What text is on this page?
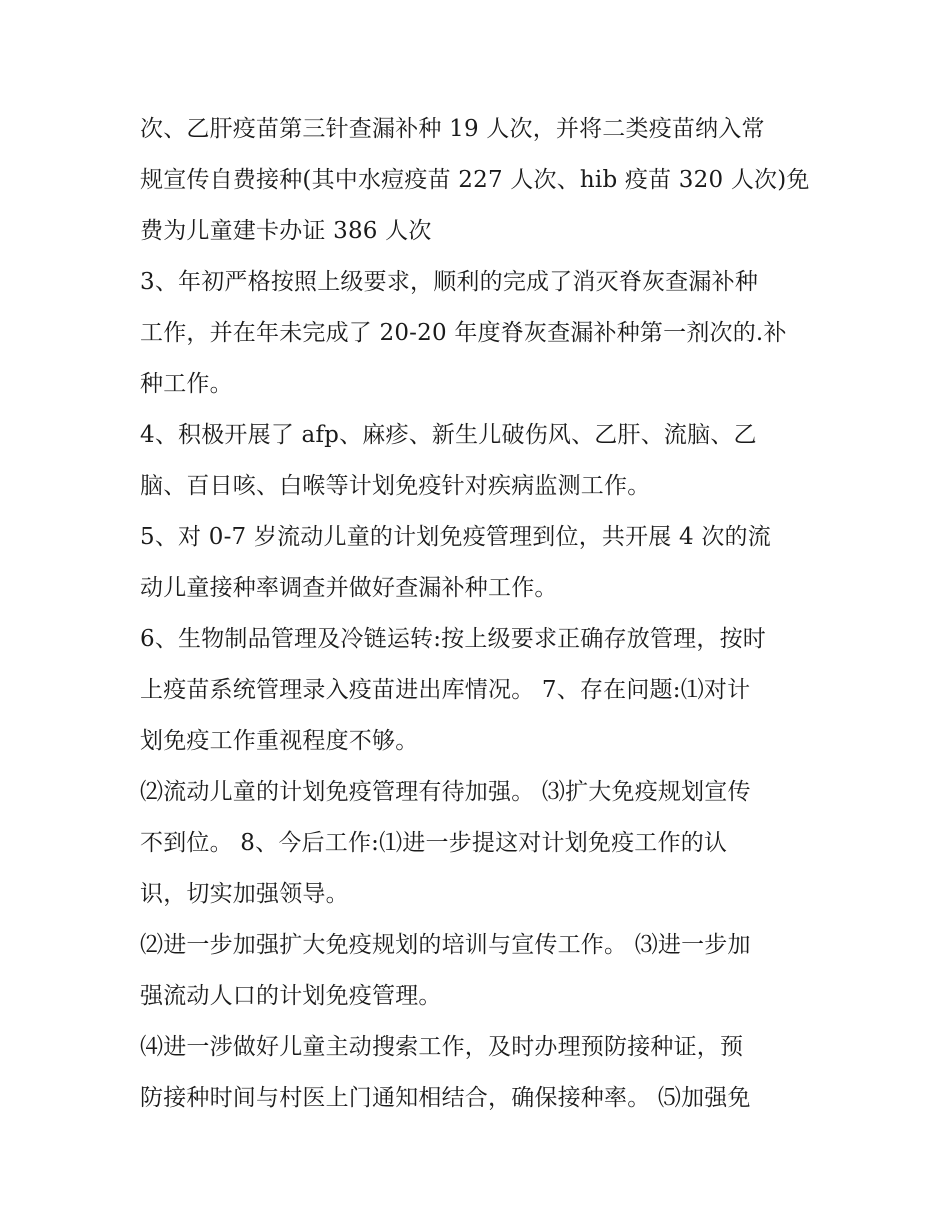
次、乙肝疫苗第三针查漏补种 19 人次，并将二类疫苗纳入常
规宣传自费接种(其中水痘疫苗 227 人次、hib 疫苗 320 人次)免
费为儿童建卡办证 386 人次
3、年初严格按照上级要求，顺利的完成了消灭脊灰查漏补种
工作，并在年未完成了 20-20 年度脊灰查漏补种第一剂次的.补
种工作。
4、积极开展了 afp、麻疹、新生儿破伤风、乙肝、流脑、乙
脑、百日咳、白喉等计划免疫针对疾病监测工作。
5、对 0-7 岁流动儿童的计划免疫管理到位，共开展 4 次的流
动儿童接种率调查并做好查漏补种工作。
6、生物制品管理及冷链运转:按上级要求正确存放管理，按时
上疫苗系统管理录入疫苗进出库情况。 7、存在问题:⑴对计
划免疫工作重视程度不够。
⑵流动儿童的计划免疫管理有待加强。 ⑶扩大免疫规划宣传
不到位。 8、今后工作:⑴进一步提这对计划免疫工作的认
识，切实加强领导。
⑵进一步加强扩大免疫规划的培训与宣传工作。 ⑶进一步加
强流动人口的计划免疫管理。
⑷进一涉做好儿童主动搜索工作，及时办理预防接种证，预
防接种时间与村医上门通知相结合，确保接种率。 ⑸加强免
